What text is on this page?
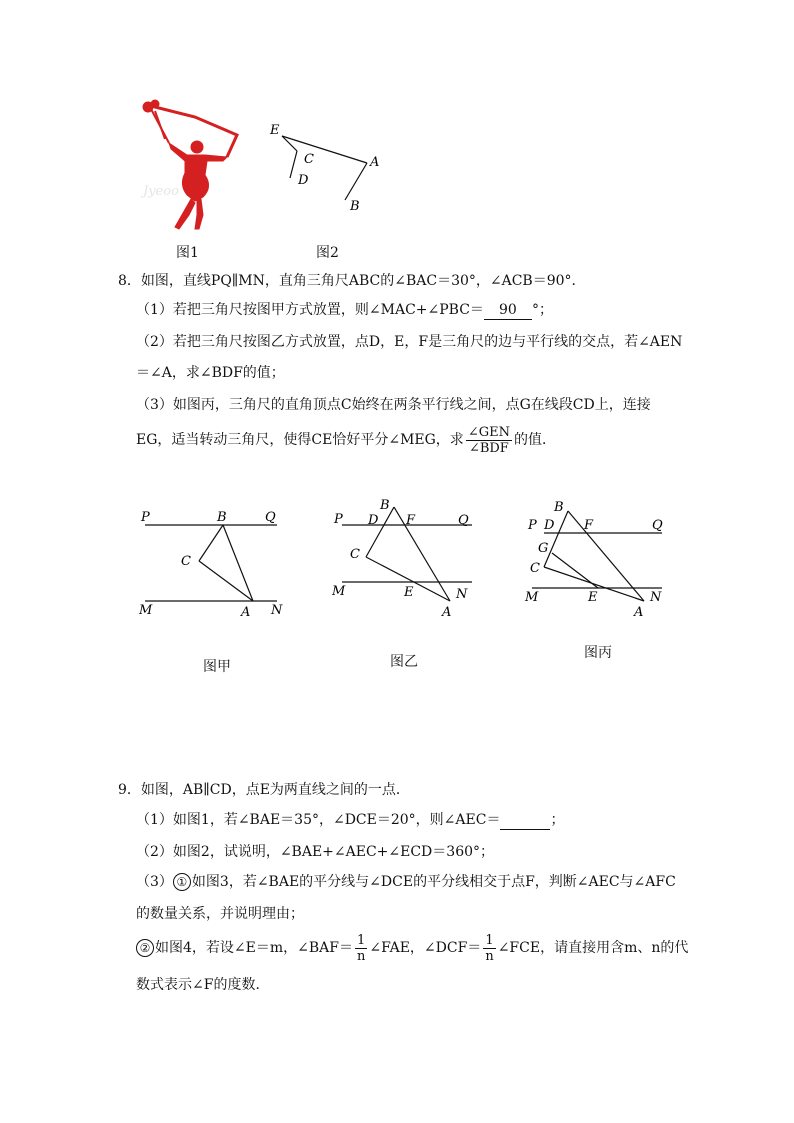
Jyeoo
图1
E
C
D
A
B
图2
8．如图，直线PQ∥MN，直角三角尺ABC的∠BAC＝30°，∠ACB＝90°．
（1）若把三角尺按图甲方式放置，则∠MAC+∠PBC＝ 90 °；
（2）若把三角尺按图乙方式放置，点D，E，F是三角尺的边与平行线的交点，若∠AEN
＝∠A，求∠BDF的值；
（3）如图丙，三角尺的直角顶点C始终在两条平行线之间，点G在线段CD上，连接
EG，适当转动三角尺，使得CE恰好平分∠MEG，求 $\frac{\text{∠GEN}}{\text{∠BDF}}$ 的值．
P	B	Q
C
M	A N
图甲
P
B
D F	Q
C
M	E	N
A
图乙
P D
B
F	Q
G
C
M	E	N
A
图丙
9．如图，AB∥CD，点E为两直线之间的一点．
（1）如图1，若∠BAE＝35°，∠DCE＝20°，则∠AEC＝	；
（2）如图2，试说明，∠BAE+∠AEC+∠ECD＝360°；
（3） ① 如图3，若∠BAE的平分线与∠DCE的平分线相交于点F，判断∠AEC与∠AFC
的数量关系，并说明理由；
② 如图4，若设∠E＝m，∠BAF＝ $\frac{1}{n}$ ∠FAE，∠DCF＝ $\frac{1}{n}$ ∠FCE，请直接用含m、n的代
数式表示∠F的度数．
